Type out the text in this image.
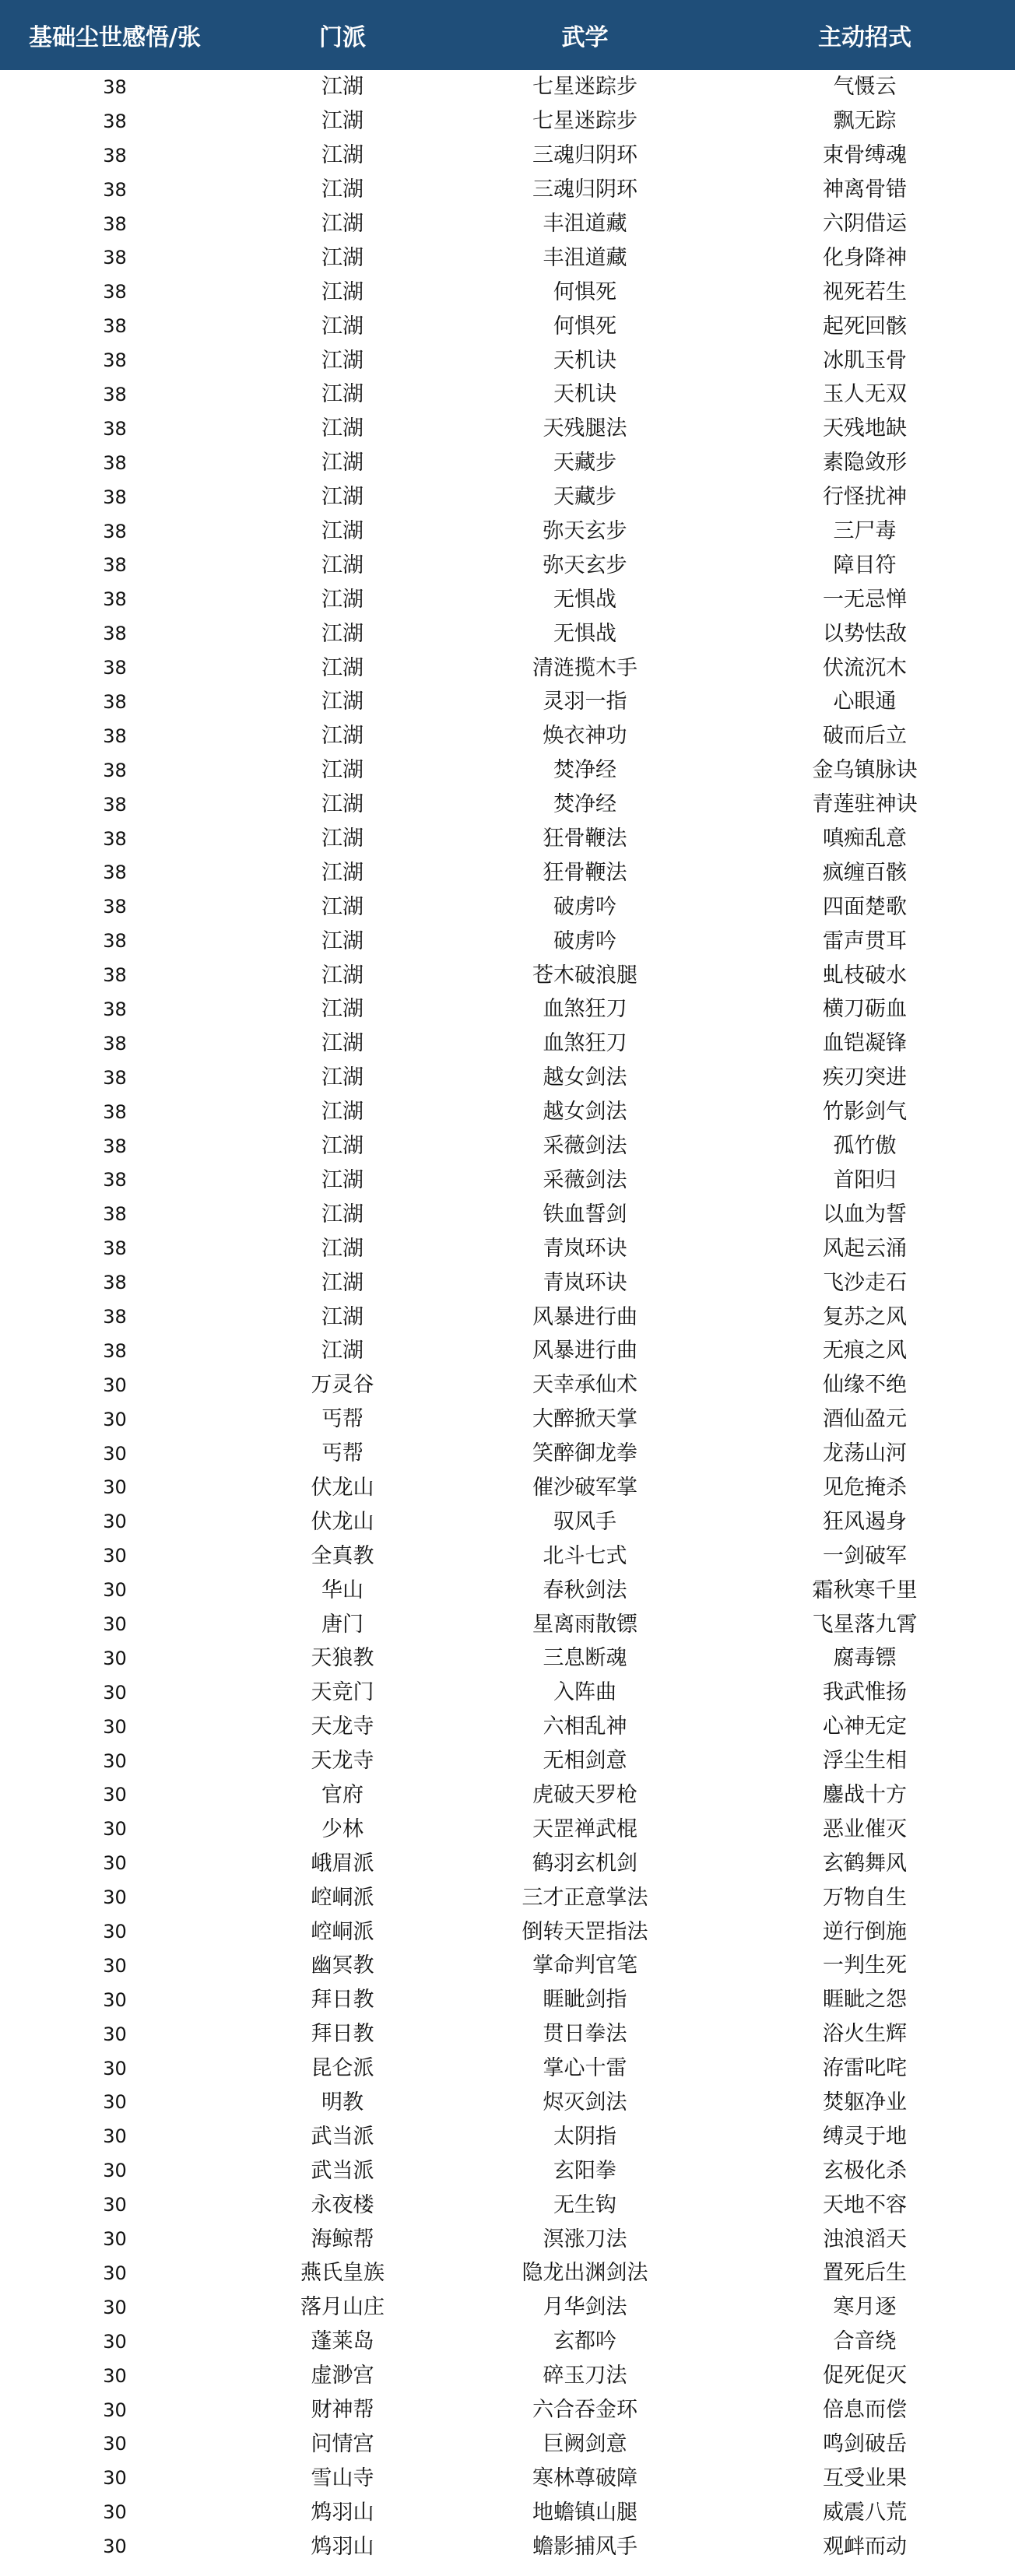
基础尘世感悟/张	门派	武学	主动招式
38	江湖	七星迷踪步	气慑云
38	江湖	七星迷踪步	飘无踪
38	江湖	三魂归阴环	束骨缚魂
38	江湖	三魂归阴环	神离骨错
38	江湖	丰沮道藏	六阴借运
38	江湖	丰沮道藏	化身降神
38	江湖	何惧死	视死若生
38	江湖	何惧死	起死回骸
38	江湖	天机诀	冰肌玉骨
38	江湖	天机诀	玉人无双
38	江湖	天残腿法	天残地缺
38	江湖	天藏步	素隐敛形
38	江湖	天藏步	行怪扰神
38	江湖	弥天玄步	三尸毒
38	江湖	弥天玄步	障目符
38	江湖	无惧战	一无忌惮
38	江湖	无惧战	以势怯敌
38	江湖	清涟揽木手	伏流沉木
38	江湖	灵羽一指	心眼通
38	江湖	焕衣神功	破而后立
38	江湖	焚净经	金乌镇脉诀
38	江湖	焚净经	青莲驻神诀
38	江湖	狂骨鞭法	嗔痴乱意
38	江湖	狂骨鞭法	疯缠百骸
38	江湖	破虏吟	四面楚歌
38	江湖	破虏吟	雷声贯耳
38	江湖	苍木破浪腿	虬枝破水
38	江湖	血煞狂刀	横刀砺血
38	江湖	血煞狂刀	血铠凝锋
38	江湖	越女剑法	疾刃突进
38	江湖	越女剑法	竹影剑气
38	江湖	采薇剑法	孤竹傲
38	江湖	采薇剑法	首阳归
38	江湖	铁血誓剑	以血为誓
38	江湖	青岚环诀	风起云涌
38	江湖	青岚环诀	飞沙走石
38	江湖	风暴进行曲	复苏之风
38	江湖	风暴进行曲	无痕之风
30	万灵谷	天幸承仙术	仙缘不绝
30	丐帮	大醉掀天掌	酒仙盈元
30	丐帮	笑醉御龙拳	龙荡山河
30	伏龙山	催沙破军掌	见危掩杀
30	伏龙山	驭风手	狂风遏身
30	全真教	北斗七式	一剑破军
30	华山	春秋剑法	霜秋寒千里
30	唐门	星离雨散镖	飞星落九霄
30	天狼教	三息断魂	腐毒镖
30	天竞门	入阵曲	我武惟扬
30	天龙寺	六相乱神	心神无定
30	天龙寺	无相剑意	浮尘生相
30	官府	虎破天罗枪	鏖战十方
30	少林	天罡禅武棍	恶业催灭
30	峨眉派	鹤羽玄机剑	玄鹤舞风
30	崆峒派	三才正意掌法	万物自生
30	崆峒派	倒转天罡指法	逆行倒施
30	幽冥教	掌命判官笔	一判生死
30	拜日教	睚眦剑指	睚眦之怨
30	拜日教	贯日拳法	浴火生辉
30	昆仑派	掌心十雷	洊雷叱咤
30	明教	烬灭剑法	焚躯净业
30	武当派	太阴指	缚灵于地
30	武当派	玄阳拳	玄极化杀
30	永夜楼	无生钩	天地不容
30	海鲸帮	溟涨刀法	浊浪滔天
30	燕氏皇族	隐龙出渊剑法	置死后生
30	落月山庄	月华剑法	寒月逐
30	蓬莱岛	玄都吟	合音绕
30	虚渺宫	碎玉刀法	促死促灭
30	财神帮	六合吞金环	倍息而偿
30	问情宫	巨阙剑意	鸣剑破岳
30	雪山寺	寒林尊破障	互受业果
30	鸩羽山	地蟾镇山腿	威震八荒
30	鸩羽山	蟾影捕风手	观衅而动
